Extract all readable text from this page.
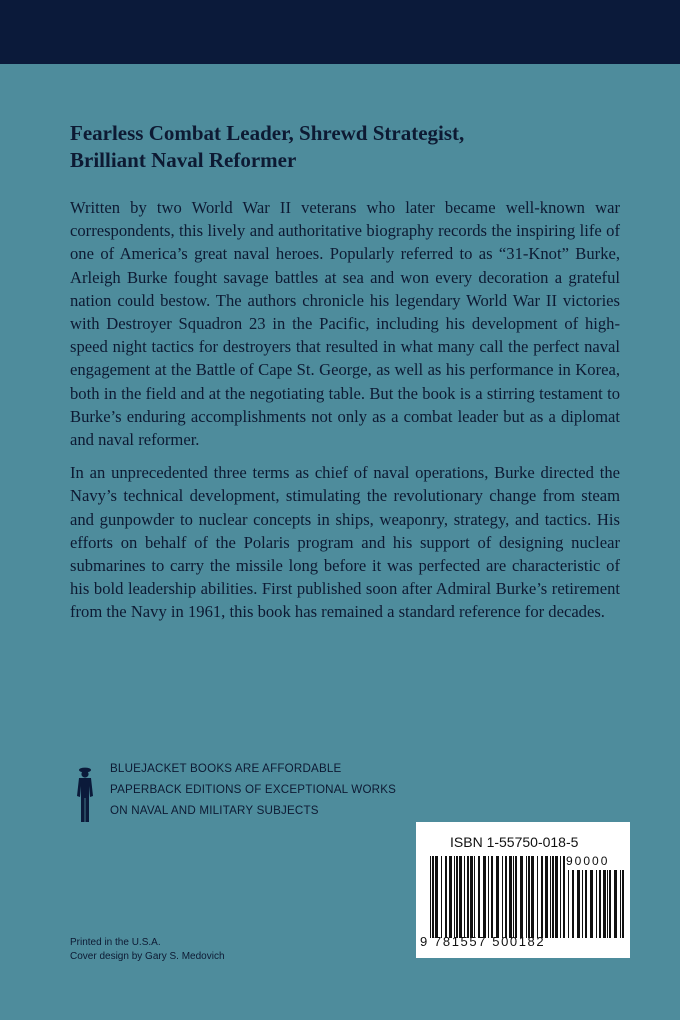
Fearless Combat Leader, Shrewd Strategist,
Brilliant Naval Reformer

Written by two World War II veterans who later became well-known war correspondents, this lively and authoritative biography records the inspiring life of one of America’s great naval heroes. Popularly referred to as “31-Knot” Burke, Arleigh Burke fought savage battles at sea and won every decoration a grateful nation could bestow. The authors chronicle his legendary World War II victories with Destroyer Squadron 23 in the Pacific, including his development of high-speed night tactics for destroyers that resulted in what many call the perfect naval engagement at the Battle of Cape St. George, as well as his performance in Korea, both in the field and at the negotiating table. But the book is a stirring testament to Burke’s enduring accomplishments not only as a combat leader but as a diplomat and naval reformer.

In an unprecedented three terms as chief of naval operations, Burke directed the Navy’s technical development, stimulating the revolutionary change from steam and gunpowder to nuclear concepts in ships, weaponry, strategy, and tactics. His efforts on behalf of the Polaris program and his support of designing nuclear submarines to carry the missile long before it was perfected are characteristic of his bold leadership abilities. First published soon after Admiral Burke’s retirement from the Navy in 1961, this book has remained a standard reference for decades.

BLUEJACKET BOOKS ARE AFFORDABLE
PAPERBACK EDITIONS OF EXCEPTIONAL WORKS
ON NAVAL AND MILITARY SUBJECTS

ISBN 1-55750-018-5

90000

9 781557 500182

Printed in the U.S.A.
Cover design by Gary S. Medovich
